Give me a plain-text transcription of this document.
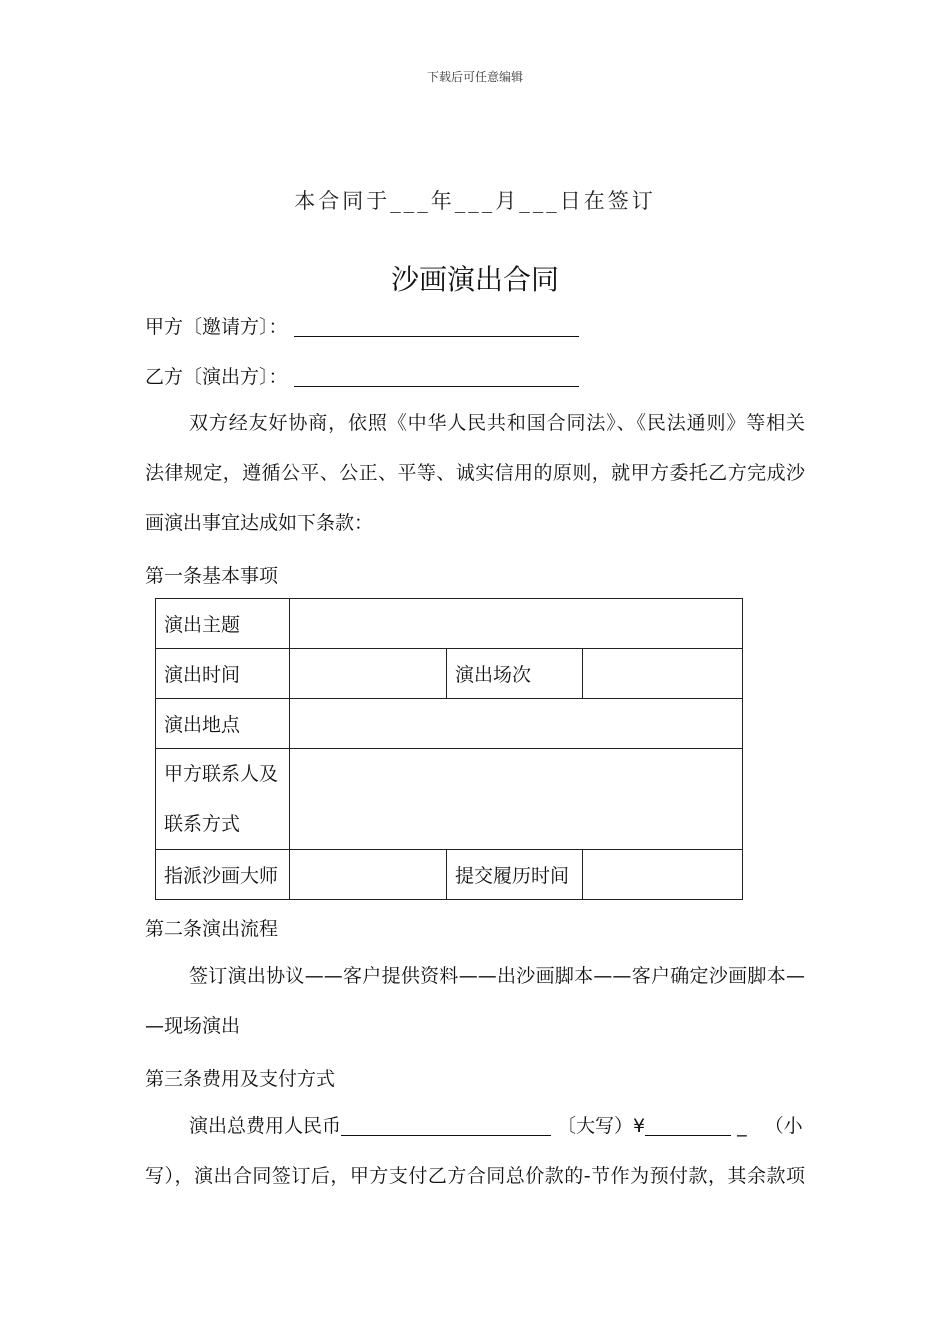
下载后可任意编辑
本合同于___年___月___日在签订
沙画演出合同
甲方〔邀请方〕：
乙方〔演出方〕：
双方经友好协商，依照《中华人民共和国合同法》、《民法通则》等相关
法律规定，遵循公平、公正、平等、诚实信用的原则，就甲方委托乙方完成沙
画演出事宜达成如下条款：
第一条基本事项
演出主题			
演出时间		演出场次	
演出地点			

甲方联系人及
联系方式			

指派沙画大师		提交履历时间	
第二条演出流程
签订演出协议——客户提供资料——出沙画脚本——客户确定沙画脚本—
—现场演出
第三条费用及支付方式
演出总费用人民币	〔大写）¥	_ （小
写），演出合同签订后，甲方支付乙方合同总价款的-节作为预付款，其余款项
